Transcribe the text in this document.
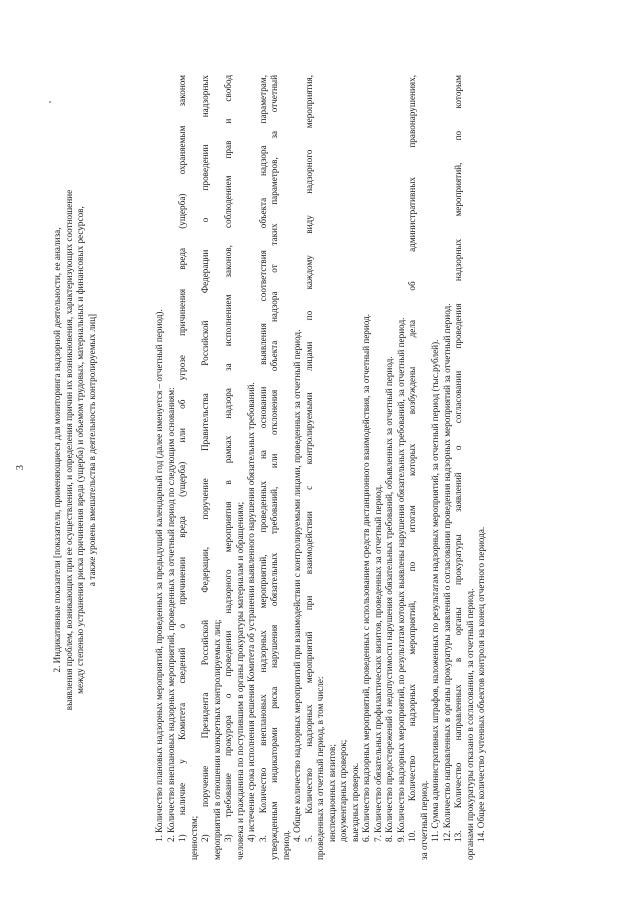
3	2. Индикативные показатели [показатели, применяющиеся для мониторинга надзорной деятельности, ее анализа, выявления проблем, возникающих при ее осуществлении, и определения причин их возникновения, характеризующих соотношение между степенью устранения риска причинения вреда (ущерба) и объемом трудовых, материальных и финансовых ресурсов, а также уровень вмешательства в деятельность контролируемых лиц]	1. Количество плановых надзорных мероприятий, проведенных за предыдущий календарный год (далее именуется – отчетный период). 2. Количество внеплановых надзорных мероприятий, проведенных за отчетный период по следующим основаниям: 1) наличие у Комитета сведений о причинении вреда (ущерба) или об угрозе причинения вреда (ущерба) охраняемым законом ценностям; 2) поручение Президента Российской Федерации, поручение Правительства Российской Федерации о проведении надзорных мероприятий в отношении конкретных контролируемых лиц; 3) требование прокурора о проведении надзорного мероприятия в рамках надзора за исполнением законов, соблюдением прав и свобод человека и гражданина по поступившим в органы прокуратуры материалам и обращениям; 4) истечение срока исполнения решения Комитета об устранении выявленного нарушения обязательных требований. 3. Количество внеплановых надзорных мероприятий, проведенных на основании выявления соответствия объекта надзора параметрам, утвержденным индикаторами риска нарушения обязательных требований, или отклонения объекта надзора от таких параметров, за отчетный период.
4. Общее количество надзорных мероприятий при взаимодействии с контролируемыми лицами, проведенных за отчетный период. 5. Количество надзорных мероприятий при взаимодействии с контролируемыми лицами по каждому виду надзорного мероприятия, проведенных за отчетный период, в том числе: инспекционных визитов; документарных проверок; выездных проверок. 6. Количество надзорных мероприятий, проведенных с использованием средств дистанционного взаимодействия, за отчетный период. 7. Количество обязательных профилактических визитов, проведенных за отчетный период. 8. Количество предостережений о недопустимости нарушения обязательных требований, объявленных за отчетный период. 9. Количество надзорных мероприятий, по результатам которых выявлены нарушения обязательных требований, за отчетный период. 10. Количество надзорных мероприятий, по итогам которых возбуждены дела об административных правонарушениях, за отчетный период. 11. Сумма административных штрафов, наложенных по результатам надзорных мероприятий, за отчетный период (тыс.рублей). 12. Количество направленных в органы прокуратуры заявлений о согласовании проведения надзорных мероприятий за отчетный период. 13. Количество направленных в органы прокуратуры заявлений о согласовании проведения надзорных мероприятий, по которым органами прокуратуры отказано в согласовании, за отчетный период. 14. Общее количество учтенных объектов контроля на конец отчетного периода.
